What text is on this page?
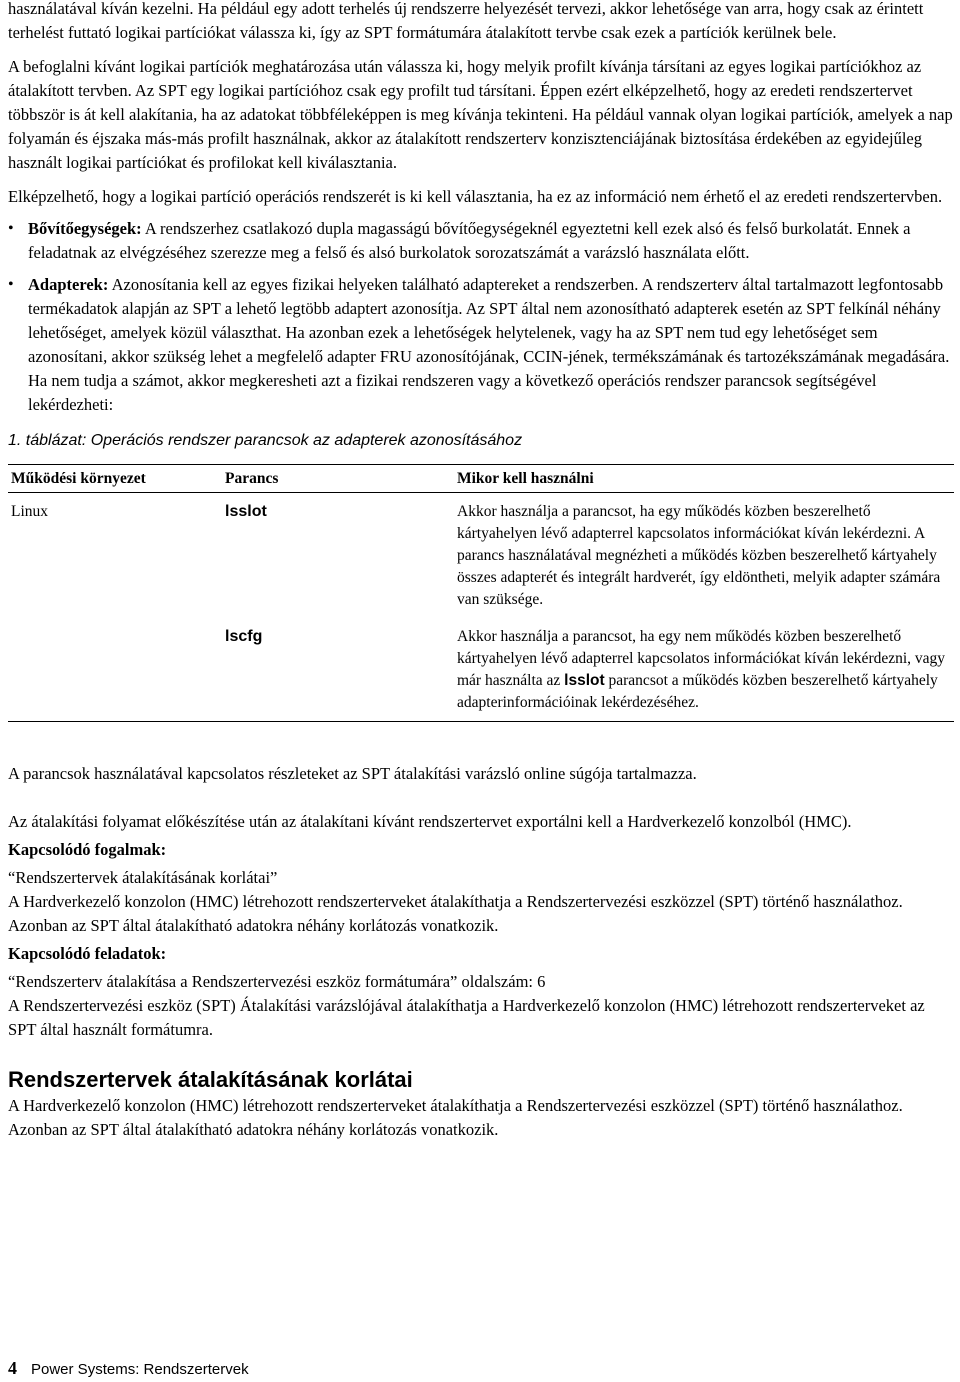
használatával kíván kezelni. Ha például egy adott terhelés új rendszerre helyezését tervezi, akkor lehetősége van arra, hogy csak az érintett terhelést futtató logikai partíciókat válassza ki, így az SPT formátumára átalakított tervbe csak ezek a partíciók kerülnek bele.

A befoglalni kívánt logikai partíciók meghatározása után válassza ki, hogy melyik profilt kívánja társítani az egyes logikai partíciókhoz az átalakított tervben. Az SPT egy logikai partícióhoz csak egy profilt tud társítani. Éppen ezért elképzelhető, hogy az eredeti rendszertervet többször is át kell alakítania, ha az adatokat többféleképpen is meg kívánja tekinteni. Ha például vannak olyan logikai partíciók, amelyek a nap folyamán és éjszaka más-más profilt használnak, akkor az átalakított rendszerterv konzisztenciájának biztosítása érdekében az egyidejűleg használt logikai partíciókat és profilokat kell kiválasztania.

Elképzelhető, hogy a logikai partíció operációs rendszerét is ki kell választania, ha ez az információ nem érhető el az eredeti rendszertervben.

• Bővítőegységek: A rendszerhez csatlakozó dupla magasságú bővítőegységeknél egyeztetni kell ezek alsó és felső burkolatát. Ennek a feladatnak az elvégzéséhez szerezze meg a felső és alsó burkolatok sorozatszámát a varázsló használata előtt.
• Adapterek: Azonosítania kell az egyes fizikai helyeken található adaptereket a rendszerben. A rendszerterv által tartalmazott legfontosabb termékadatok alapján az SPT a lehető legtöbb adaptert azonosítja. Az SPT által nem azonosítható adapterek esetén az SPT felkínál néhány lehetőséget, amelyek közül választhat. Ha azonban ezek a lehetőségek helytelenek, vagy ha az SPT nem tud egy lehetőséget sem azonosítani, akkor szükség lehet a megfelelő adapter FRU azonosítójának, CCIN-jének, termékszámának és tartozékszámának megadására. Ha nem tudja a számot, akkor megkeresheti azt a fizikai rendszeren vagy a következő operációs rendszer parancsok segítségével lekérdezheti:
1. táblázat: Operációs rendszer parancsok az adapterek azonosításához
Működési környezet	Parancs	Mikor kell használni
Linux	lsslot	Akkor használja a parancsot, ha egy működés közben beszerelhető kártyahelyen lévő adapterrel kapcsolatos információkat kíván lekérdezni. A parancs használatával megnézheti a működés közben beszerelhető kártyahely összes adapterét és integrált hardverét, így eldöntheti, melyik adapter számára van szüksége.
	lscfg	Akkor használja a parancsot, ha egy nem működés közben beszerelhető kártyahelyen lévő adapterrel kapcsolatos információkat kíván lekérdezni, vagy már használta az lsslot parancsot a működés közben beszerelhető kártyahely adapterinformációinak lekérdezéséhez.

A parancsok használatával kapcsolatos részleteket az SPT átalakítási varázsló online súgója tartalmazza.

Az átalakítási folyamat előkészítése után az átalakítani kívánt rendszertervet exportálni kell a Hardverkezelő konzolból (HMC).

Kapcsolódó fogalmak:

“Rendszertervek átalakításának korlátai”

A Hardverkezelő konzolon (HMC) létrehozott rendszerterveket átalakíthatja a Rendszertervezési eszközzel (SPT) történő használathoz. Azonban az SPT által átalakítható adatokra néhány korlátozás vonatkozik.

Kapcsolódó feladatok:

“Rendszerterv átalakítása a Rendszertervezési eszköz formátumára” oldalszám: 6

A Rendszertervezési eszköz (SPT) Átalakítási varázslójával átalakíthatja a Hardverkezelő konzolon (HMC) létrehozott rendszerterveket az SPT által használt formátumra.

Rendszertervek átalakításának korlátai

A Hardverkezelő konzolon (HMC) létrehozott rendszerterveket átalakíthatja a Rendszertervezési eszközzel (SPT) történő használathoz. Azonban az SPT által átalakítható adatokra néhány korlátozás vonatkozik.

4 Power Systems: Rendszertervek
